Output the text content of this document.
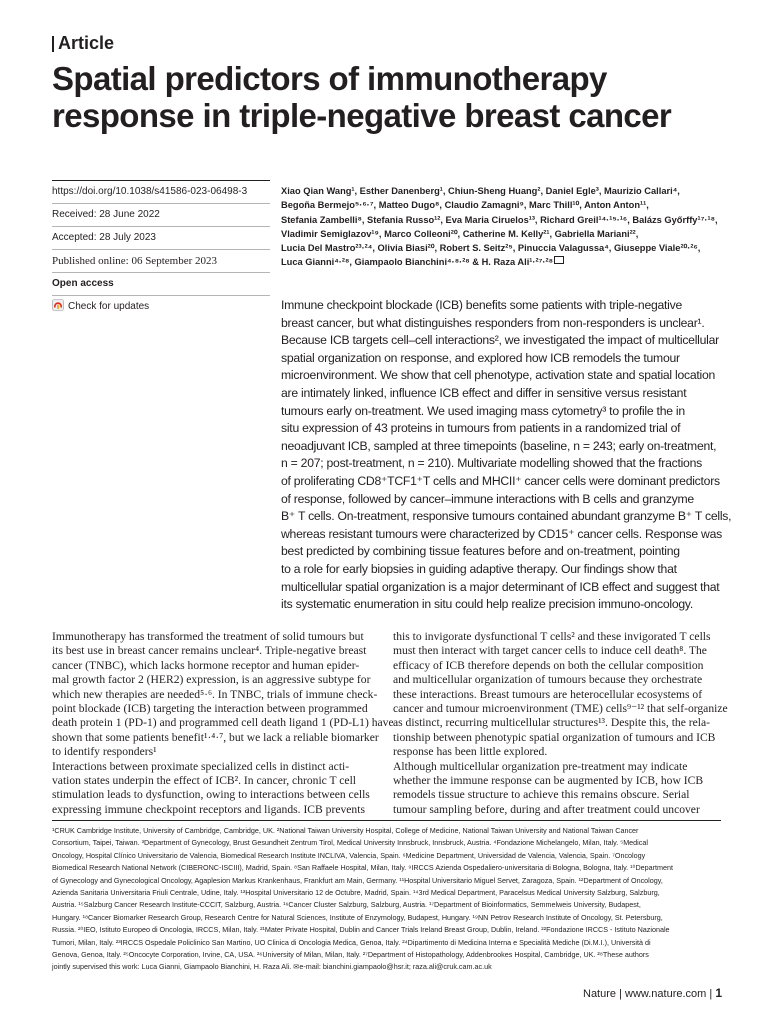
Article
Spatial predictors of immunotherapy
response in triple-negative breast cancer
https://doi.org/10.1038/s41586-023-06498-3
Received: 28 June 2022
Accepted: 28 July 2023
Published online: 06 September 2023
Open access
Check for updates
Xiao Qian Wang¹, Esther Danenberg¹, Chiun-Sheng Huang², Daniel Egle³, Maurizio Callari⁴,
Begoña Bermejo⁵·⁶·⁷, Matteo Dugo⁸, Claudio Zamagni⁹, Marc Thill¹⁰, Anton Anton¹¹,
Stefania Zambelli⁸, Stefania Russo¹², Eva Maria Ciruelos¹³, Richard Greil¹⁴·¹⁵·¹⁶, Balázs Győrffy¹⁷·¹⁸,
Vladimir Semiglazov¹⁹, Marco Colleoni²⁰, Catherine M. Kelly²¹, Gabriella Mariani²²,
Lucia Del Mastro²³·²⁴, Olivia Biasi²⁰, Robert S. Seitz²⁵, Pinuccia Valagussa⁴, Giuseppe Viale²⁰·²⁶,
Luca Gianni⁴·²⁸, Giampaolo Bianchini⁴·⁸·²⁸ & H. Raza Ali¹·²⁷·²⁸
Immune checkpoint blockade (ICB) benefits some patients with triple-negative
breast cancer, but what distinguishes responders from non-responders is unclear¹.
Because ICB targets cell–cell interactions², we investigated the impact of multicellular
spatial organization on response, and explored how ICB remodels the tumour
microenvironment. We show that cell phenotype, activation state and spatial location
are intimately linked, influence ICB effect and differ in sensitive versus resistant
tumours early on-treatment. We used imaging mass cytometry³ to profile the in
situ expression of 43 proteins in tumours from patients in a randomized trial of
neoadjuvant ICB, sampled at three timepoints (baseline, n = 243; early on-treatment,
n = 207; post-treatment, n = 210). Multivariate modelling showed that the fractions
of proliferating CD8⁺TCF1⁺T cells and MHCII⁺ cancer cells were dominant predictors
of response, followed by cancer–immune interactions with B cells and granzyme
B⁺ T cells. On-treatment, responsive tumours contained abundant granzyme B⁺ T cells,
whereas resistant tumours were characterized by CD15⁺ cancer cells. Response was
best predicted by combining tissue features before and on-treatment, pointing
to a role for early biopsies in guiding adaptive therapy. Our findings show that
multicellular spatial organization is a major determinant of ICB effect and suggest that
its systematic enumeration in situ could help realize precision immuno-oncology.
Immunotherapy has transformed the treatment of solid tumours but
its best use in breast cancer remains unclear⁴. Triple-negative breast
cancer (TNBC), which lacks hormone receptor and human epider-
mal growth factor 2 (HER2) expression, is an aggressive subtype for
which new therapies are needed⁵·⁶. In TNBC, trials of immune check-
point blockade (ICB) targeting the interaction between programmed
death protein 1 (PD-1) and programmed cell death ligand 1 (PD-L1) have
shown that some patients benefit¹·⁴·⁷, but we lack a reliable biomarker
to identify responders¹
Interactions between proximate specialized cells in distinct acti-
vation states underpin the effect of ICB². In cancer, chronic T cell
stimulation leads to dysfunction, owing to interactions between cells
expressing immune checkpoint receptors and ligands. ICB prevents
this to invigorate dysfunctional T cells² and these invigorated T cells
must then interact with target cancer cells to induce cell death⁸. The
efficacy of ICB therefore depends on both the cellular composition
and multicellular organization of tumours because they orchestrate
these interactions. Breast tumours are heterocellular ecosystems of
cancer and tumour microenvironment (TME) cells⁹⁻¹² that self-organize
as distinct, recurring multicellular structures¹³. Despite this, the rela-
tionship between phenotypic spatial organization of tumours and ICB
response has been little explored.
Although multicellular organization pre-treatment may indicate
whether the immune response can be augmented by ICB, how ICB
remodels tissue structure to achieve this remains obscure. Serial
tumour sampling before, during and after treatment could uncover
¹CRUK Cambridge Institute, University of Cambridge, Cambridge, UK. ²National Taiwan University Hospital, College of Medicine, National Taiwan University and National Taiwan Cancer
Consortium, Taipei, Taiwan. ³Department of Gynecology, Brust Gesundheit Zentrum Tirol, Medical University Innsbruck, Innsbruck, Austria. ⁴Fondazione Michelangelo, Milan, Italy. ⁵Medical
Oncology, Hospital Clínico Universitario de Valencia, Biomedical Research Institute INCLIVA, Valencia, Spain. ⁶Medicine Department, Universidad de Valencia, Valencia, Spain. ⁷Oncology
Biomedical Research National Network (CIBERONC-ISCIII), Madrid, Spain. ⁸San Raffaele Hospital, Milan, Italy. ⁹IRCCS Azienda Ospedaliero-universitaria di Bologna, Bologna, Italy. ¹⁰Department
of Gynecology and Gynecological Oncology, Agaplesion Markus Krankenhaus, Frankfurt am Main, Germany. ¹¹Hospital Universitario Miguel Servet, Zaragoza, Spain. ¹²Department of Oncology,
Azienda Sanitaria Universitaria Friuli Centrale, Udine, Italy. ¹³Hospital Universitario 12 de Octubre, Madrid, Spain. ¹⁴3rd Medical Department, Paracelsus Medical University Salzburg, Salzburg,
Austria. ¹⁵Salzburg Cancer Research Institute-CCCIT, Salzburg, Austria. ¹⁶Cancer Cluster Salzburg, Salzburg, Austria. ¹⁷Department of Bioinformatics, Semmelweis University, Budapest,
Hungary. ¹⁸Cancer Biomarker Research Group, Research Centre for Natural Sciences, Institute of Enzymology, Budapest, Hungary. ¹⁹NN Petrov Research Institute of Oncology, St. Petersburg,
Russia. ²⁰IEO, Istituto Europeo di Oncologia, IRCCS, Milan, Italy. ²¹Mater Private Hospital, Dublin and Cancer Trials Ireland Breast Group, Dublin, Ireland. ²²Fondazione IRCCS - Istituto Nazionale
Tumori, Milan, Italy. ²³IRCCS Ospedale Policlinico San Martino, UO Clinica di Oncologia Medica, Genoa, Italy. ²⁴Dipartimento di Medicina Interna e Specialità Mediche (Di.M.I.), Università di
Genova, Genoa, Italy. ²⁵Oncocyte Corporation, Irvine, CA, USA. ²⁶University of Milan, Milan, Italy. ²⁷Department of Histopathology, Addenbrookes Hospital, Cambridge, UK. ²⁸These authors
jointly supervised this work: Luca Gianni, Giampaolo Bianchini, H. Raza Ali. ✉e-mail: bianchini.giampaolo@hsr.it; raza.ali@cruk.cam.ac.uk
Nature | www.nature.com | 1
